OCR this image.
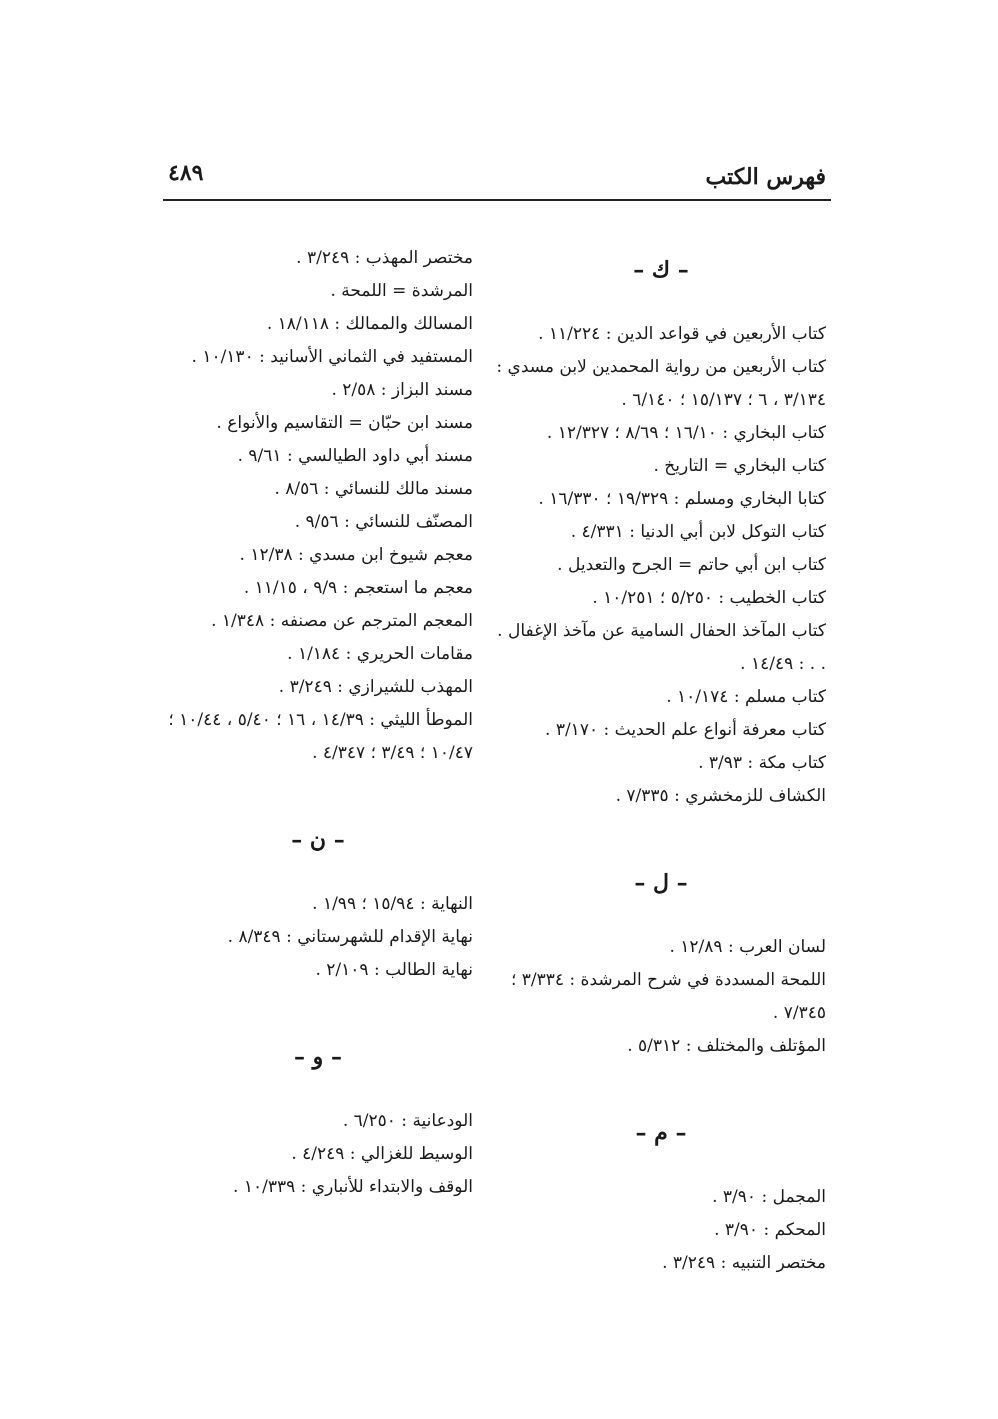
فهرس الكتب
٤٨٩
– ك –
كتاب الأربعين في قواعد الدين : ١١/٢٢٤ .
كتاب الأربعين من رواية المحمدين لابن مسدي : ٣/١٣٤ ، ٦ ؛ ١٥/١٣٧ ؛ ٦/١٤٠ .
كتاب البخاري : ١٦/١٠ ؛ ٨/٦٩ ؛ ١٢/٣٢٧ .
كتاب البخاري = التاريخ .
كتابا البخاري ومسلم : ١٩/٣٢٩ ؛ ١٦/٣٣٠ .
كتاب التوكل لابن أبي الدنيا : ٤/٣٣١ .
كتاب ابن أبي حاتم = الجرح والتعديل .
كتاب الخطيب : ٥/٢٥٠ ؛ ١٠/٢٥١ .
كتاب المآخذ الحفال السامية عن مآخذ الإغفال . . . : ١٤/٤٩ .
كتاب مسلم : ١٠/١٧٤ .
كتاب معرفة أنواع علم الحديث : ٣/١٧٠ .
كتاب مكة : ٣/٩٣ .
الكشاف للزمخشري : ٧/٣٣٥ .
– ل –
لسان العرب : ١٢/٨٩ .
اللمحة المسددة في شرح المرشدة : ٣/٣٣٤ ؛ ٧/٣٤٥ .
المؤتلف والمختلف : ٥/٣١٢ .
– م –
المجمل : ٣/٩٠ .
المحكم : ٣/٩٠ .
مختصر التنبيه : ٣/٢٤٩ .
مختصر المهذب : ٣/٢٤٩ .
المرشدة = اللمحة .
المسالك والممالك : ١٨/١١٨ .
المستفيد في الثماني الأسانيد : ١٠/١٣٠ .
مسند البزاز : ٢/٥٨ .
مسند ابن حبّان = التقاسيم والأنواع .
مسند أبي داود الطيالسي : ٩/٦١ .
مسند مالك للنسائي : ٨/٥٦ .
المصنّف للنسائي : ٩/٥٦ .
معجم شيوخ ابن مسدي : ١٢/٣٨ .
معجم ما استعجم : ٩/٩ ، ١١/١٥ .
المعجم المترجم عن مصنفه : ١/٣٤٨ .
مقامات الحريري : ١/١٨٤ .
المهذب للشيرازي : ٣/٢٤٩ .
الموطأ الليثي : ١٤/٣٩ ، ١٦ ؛ ٥/٤٠ ، ١٠/٤٤ ؛ ١٠/٤٧ ؛ ٣/٤٩ ؛ ٤/٣٤٧ .
– ن –
النهاية : ١٥/٩٤ ؛ ١/٩٩ .
نهاية الإقدام للشهرستاني : ٨/٣٤٩ .
نهاية الطالب : ٢/١٠٩ .
– و –
الودعانية : ٦/٢٥٠ .
الوسيط للغزالي : ٤/٢٤٩ .
الوقف والابتداء للأنباري : ١٠/٣٣٩ .
